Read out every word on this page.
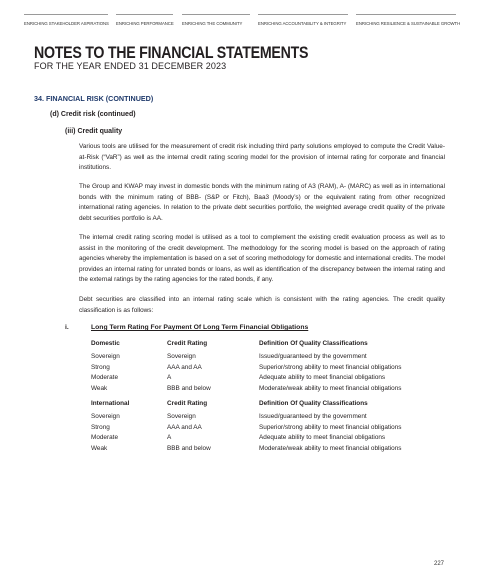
ENRICHING STAKEHOLDER ASPIRATIONS ENRICHING PERFORMANCE ENRICHING THE COMMUNITY	ENRICHING ACCOUNTABILITY & INTEGRITY	ENRICHING RESILIENCE & SUSTAINABLE GROWTH
NOTES TO THE FINANCIAL STATEMENTS
FOR THE YEAR ENDED 31 DECEMBER 2023
34. FINANCIAL RISK (CONTINUED)
(d) Credit risk (continued)
(iii) Credit quality

Various tools are utilised for the measurement of credit risk including third party solutions employed to compute the Credit Value-at-Risk (“VaR”) as well as the internal credit rating scoring model for the provision of internal rating for corporate and financial institutions.

The Group and KWAP may invest in domestic bonds with the minimum rating of A3 (RAM), A- (MARC) as well as in international bonds with the minimum rating of BBB- (S&P or Fitch), Baa3 (Moody’s) or the equivalent rating from other recognized international rating agencies. In relation to the private debt securities portfolio, the weighted average credit quality of the private debt securities portfolio is AA.

The internal credit rating scoring model is utilised as a tool to complement the existing credit evaluation process as well as to assist in the monitoring of the credit development. The methodology for the scoring model is based on the approach of rating agencies whereby the implementation is based on a set of scoring methodology for domestic and international credits. The model provides an internal rating for unrated bonds or loans, as well as identification of the discrepancy between the internal rating and the external ratings by the rating agencies for the rated bonds, if any.

Debt securities are classified into an internal rating scale which is consistent with the rating agencies. The credit quality classification is as follows:

i.	Long Term Rating For Payment Of Long Term Financial Obligations
Domestic	Credit Rating	Definition Of Quality Classifications
Sovereign	Sovereign	Issued/guaranteed by the government
Strong	AAA and AA	Superior/strong ability to meet financial obligations
Moderate	A	Adequate ability to meet financial obligations
Weak	BBB and below	Moderate/weak ability to meet financial obligations
International	Credit Rating	Definition Of Quality Classifications
Sovereign	Sovereign	Issued/guaranteed by the government
Strong	AAA and AA	Superior/strong ability to meet financial obligations
Moderate	A	Adequate ability to meet financial obligations
Weak	BBB and below	Moderate/weak ability to meet financial obligations
227
